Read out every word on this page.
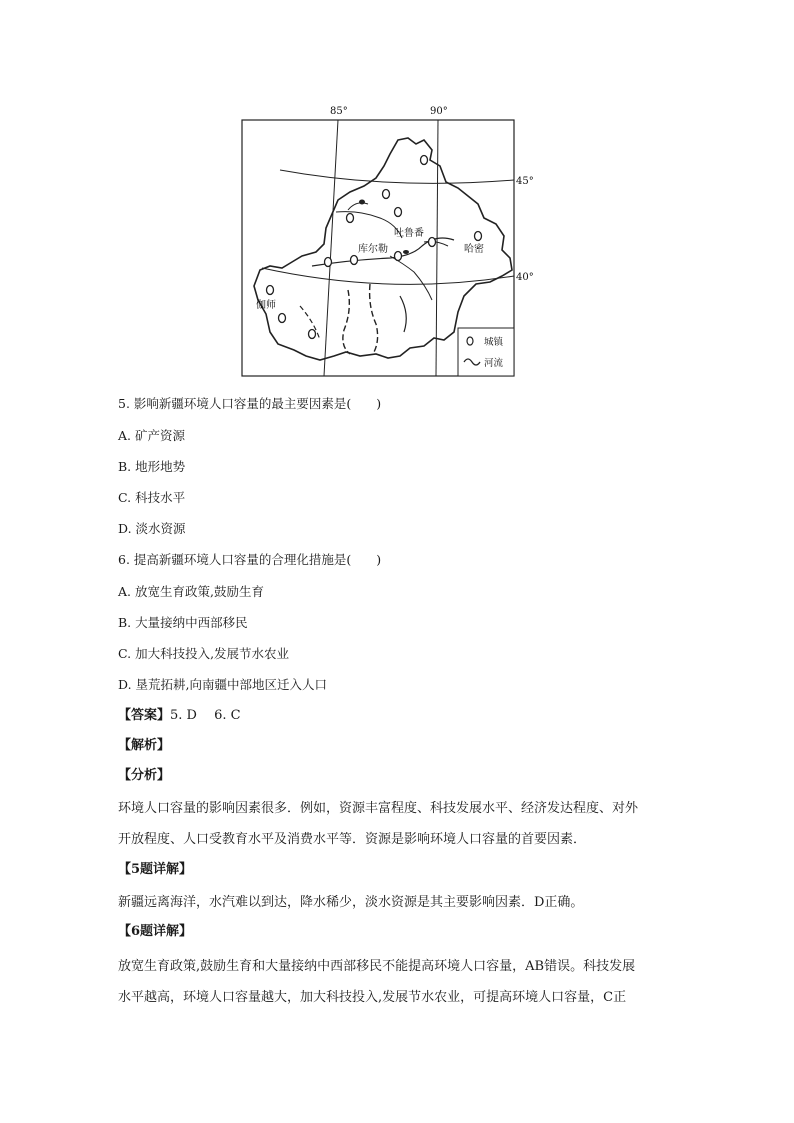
85°	90°
45°
40°
吐鲁番
库尔勒	哈密
伽师
城镇
河流
5. 影响新疆环境人口容量的最主要因素是(　　)
A. 矿产资源
B. 地形地势
C. 科技水平
D. 淡水资源
6. 提高新疆环境人口容量的合理化措施是(　　)
A. 放宽生育政策,鼓励生育
B. 大量接纳中西部移民
C. 加大科技投入,发展节水农业
D. 垦荒拓耕,向南疆中部地区迁入人口
【答案】5. D　 6. C
【解析】
【分析】
环境人口容量的影响因素很多．例如，资源丰富程度、科技发展水平、经济发达程度、对外
开放程度、人口受教育水平及消费水平等．资源是影响环境人口容量的首要因素．
【5题详解】
新疆远离海洋，水汽难以到达，降水稀少，淡水资源是其主要影响因素．D正确。
【6题详解】
放宽生育政策,鼓励生育和大量接纳中西部移民不能提高环境人口容量，AB错误。科技发展
水平越高，环境人口容量越大，加大科技投入,发展节水农业，可提高环境人口容量，C正
